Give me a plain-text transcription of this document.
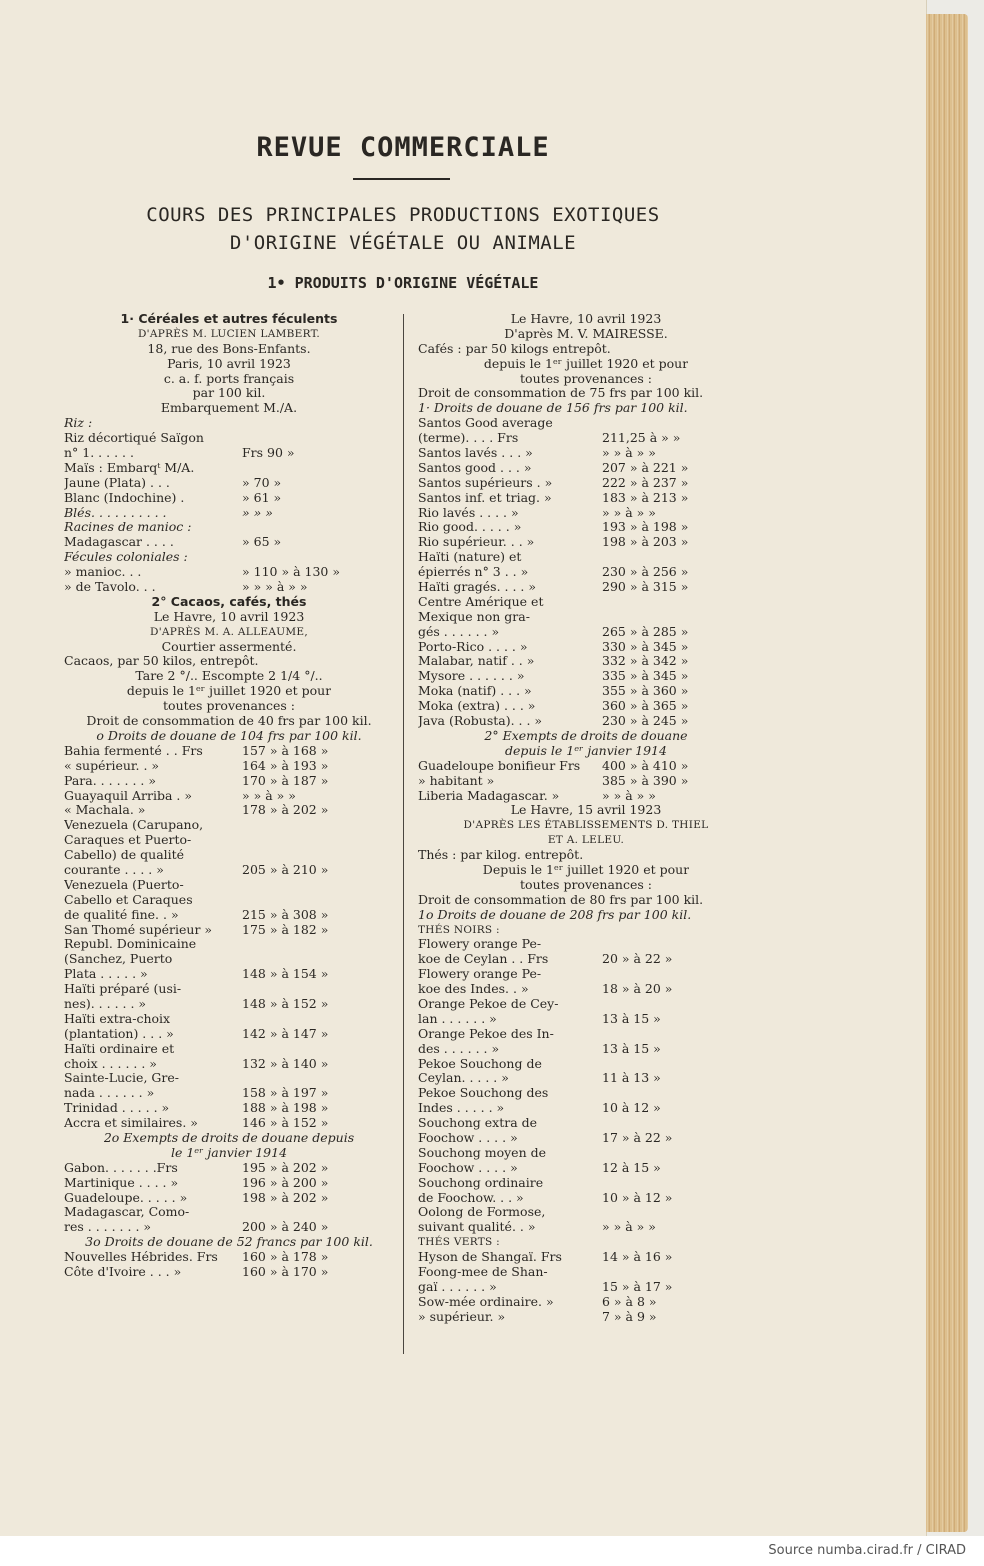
REVUE COMMERCIALE
COURS DES PRINCIPALES PRODUCTIONS EXOTIQUES
D'ORIGINE VÉGÉTALE OU ANIMALE
1• PRODUITS D'ORIGINE VÉGÉTALE
1· Céréales et autres féculents
D'APRÈS M. LUCIEN LAMBERT.
18, rue des Bons-Enfants.
Paris, 10 avril 1923
c. a. f. ports français
par 100 kil.
Embarquement M./A.
Riz :
Riz décortiqué Saïgon
n° 1. . . . . .	Frs 90 »
Maïs : Embarqᵗ M/A.
Jaune (Plata) . . .	» 70 »
Blanc (Indochine) .	» 61 »
Blés. . . . . . . . . .	» » »
Racines de manioc :
Madagascar . . . .	» 65 »
Fécules coloniales :
» manioc. . .	» 110 » à 130 »
» de Tavolo. . .	» » » à » »
2° Cacaos, cafés, thés
Le Havre, 10 avril 1923
D'APRÈS M. A. ALLEAUME,
Courtier assermenté.
Cacaos, par 50 kilos, entrepôt.
Tare 2 °/.. Escompte 2 1/4 °/..
depuis le 1ᵉʳ juillet 1920 et pour
toutes provenances :
Droit de consommation de 40 frs par 100 kil.
o Droits de douane de 104 frs par 100 kil.
Bahia fermenté . . Frs	157 » à 168 »
« supérieur. . »	164 » à 193 »
Para. . . . . . . »	170 » à 187 »
Guayaquil Arriba . »	» » à » »
« Machala. »	178 » à 202 »
Venezuela (Carupano,
Caraques et Puerto-
Cabello) de qualité
courante . . . . »	205 » à 210 »
Venezuela (Puerto-
Cabello et Caraques
de qualité fine. . »	215 » à 308 »
San Thomé supérieur »	175 » à 182 »
Republ. Dominicaine
(Sanchez, Puerto
Plata . . . . . »	148 » à 154 »
Haïti préparé (usi-
nes). . . . . . »	148 » à 152 »
Haïti extra-choix
(plantation) . . . »	142 » à 147 »
Haïti ordinaire et
choix . . . . . . »	132 » à 140 »
Sainte-Lucie, Gre-
nada . . . . . . »	158 » à 197 »
Trinidad . . . . . »	188 » à 198 »
Accra et similaires. »	146 » à 152 »
2o Exempts de droits de douane depuis
le 1ᵉʳ janvier 1914
Gabon. . . . . . .Frs	195 » à 202 »
Martinique . . . . »	196 » à 200 »
Guadeloupe. . . . . »	198 » à 202 »
Madagascar, Como-
res . . . . . . . »	200 » à 240 »
3o Droits de douane de 52 francs par 100 kil.
Nouvelles Hébrides. Frs	160 » à 178 »
Côte d'Ivoire . . . »	160 » à 170 »
Le Havre, 10 avril 1923
D'après M. V. MAIRESSE.
Cafés : par 50 kilogs entrepôt.
depuis le 1ᵉʳ juillet 1920 et pour
toutes provenances :
Droit de consommation de 75 frs par 100 kil.
1· Droits de douane de 156 frs par 100 kil.
Santos Good average
(terme). . . . Frs	211,25 à » »
Santos lavés . . . »	» » à » »
Santos good . . . »	207 » à 221 »
Santos supérieurs . »	222 » à 237 »
Santos inf. et triag. »	183 » à 213 »
Rio lavés . . . . »	» » à » »
Rio good. . . . . »	193 » à 198 »
Rio supérieur. . . »	198 » à 203 »
Haïti (nature) et
épierrés n° 3 . . »	230 » à 256 »
Haïti gragés. . . . »	290 » à 315 »
Centre Amérique et
Mexique non gra-
gés . . . . . . »	265 » à 285 »
Porto-Rico . . . . »	330 » à 345 »
Malabar, natif . . »	332 » à 342 »
Mysore . . . . . . »	335 » à 345 »
Moka (natif) . . . »	355 » à 360 »
Moka (extra) . . . »	360 » à 365 »
Java (Robusta). . . »	230 » à 245 »
2° Exempts de droits de douane
depuis le 1ᵉʳ janvier 1914
Guadeloupe bonifieur Frs	400 » à 410 »
» habitant »	385 » à 390 »
Liberia Madagascar. »	» » à » »
Le Havre, 15 avril 1923
D'APRÈS LES ÉTABLISSEMENTS D. THIEL
ET A. LELEU.
Thés : par kilog. entrepôt.
Depuis le 1ᵉʳ juillet 1920 et pour
toutes provenances :
Droit de consommation de 80 frs par 100 kil.
1o Droits de douane de 208 frs par 100 kil.
THÉS NOIRS :
Flowery orange Pe-
koe de Ceylan . . Frs	20 » à 22 »
Flowery orange Pe-
koe des Indes. . »	18 » à 20 »
Orange Pekoe de Cey-
lan . . . . . . »	13 à 15 »
Orange Pekoe des In-
des . . . . . . »	13 à 15 »
Pekoe Souchong de
Ceylan. . . . . »	11 à 13 »
Pekoe Souchong des
Indes . . . . . »	10 à 12 »
Souchong extra de
Foochow . . . . »	17 » à 22 »
Souchong moyen de
Foochow . . . . »	12 à 15 »
Souchong ordinaire
de Foochow. . . »	10 » à 12 »
Oolong de Formose,
suivant qualité. . »	» » à » »
THÉS VERTS :
Hyson de Shangaï. Frs	14 » à 16 »
Foong-mee de Shan-
gaï . . . . . . »	15 » à 17 »
Sow-mée ordinaire. »	6 » à 8 »
» supérieur. »	7 » à 9 »
Source numba.cirad.fr / CIRAD
